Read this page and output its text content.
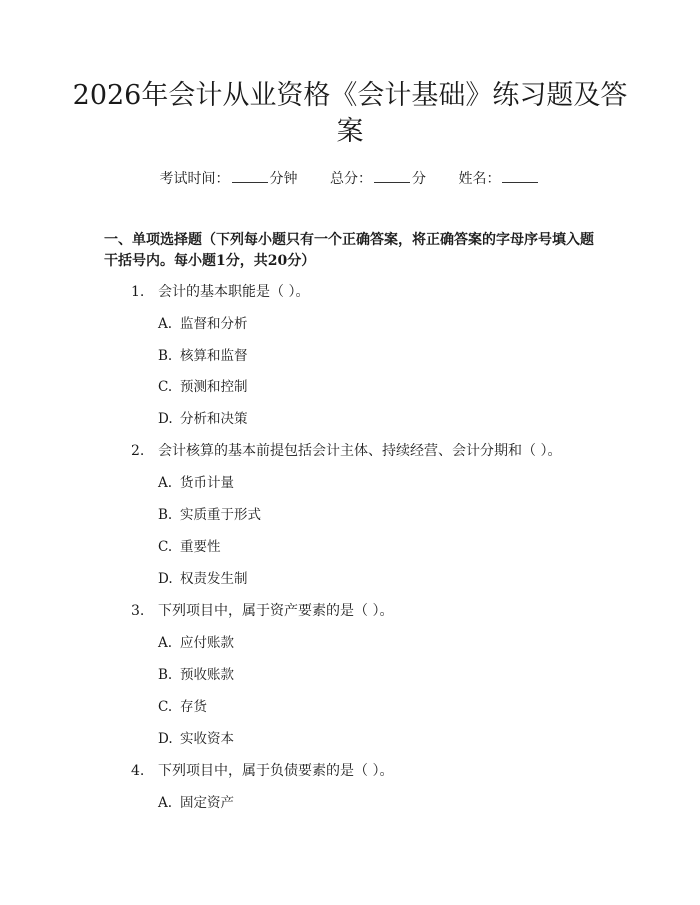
2026年会计从业资格《会计基础》练习题及答案
考试时间：	分钟 总分：	分 姓名：
一、单项选择题（下列每小题只有一个正确答案，将正确答案的字母序号填入题干括号内。每小题1分，共20分）
1. 会计的基本职能是（ ）。
A. 监督和分析
B. 核算和监督
C. 预测和控制
D. 分析和决策
2. 会计核算的基本前提包括会计主体、持续经营、会计分期和（ ）。
A. 货币计量
B. 实质重于形式
C. 重要性
D. 权责发生制
3. 下列项目中，属于资产要素的是（ ）。
A. 应付账款
B. 预收账款
C. 存货
D. 实收资本
4. 下列项目中，属于负债要素的是（ ）。
A. 固定资产
